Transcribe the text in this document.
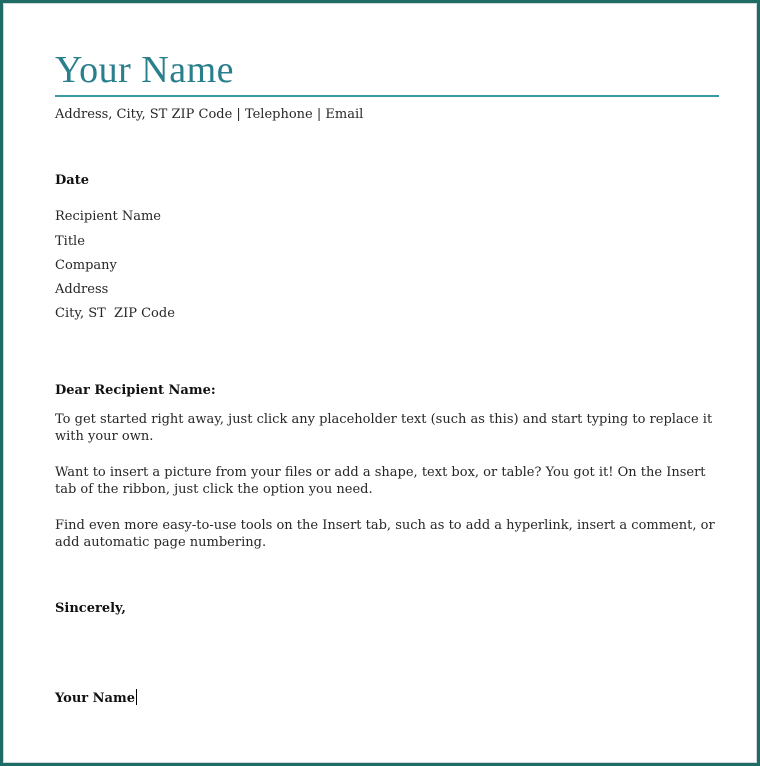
Your Name
Address, City, ST ZIP Code | Telephone | Email
Date
Recipient Name
Title
Company
Address
City, ST  ZIP Code
Dear Recipient Name:
To get started right away, just click any placeholder text (such as this) and start typing to replace it with your own.
Want to insert a picture from your files or add a shape, text box, or table? You got it! On the Insert tab of the ribbon, just click the option you need.
Find even more easy-to-use tools on the Insert tab, such as to add a hyperlink, insert a comment, or add automatic page numbering.
Sincerely,
Your Name
